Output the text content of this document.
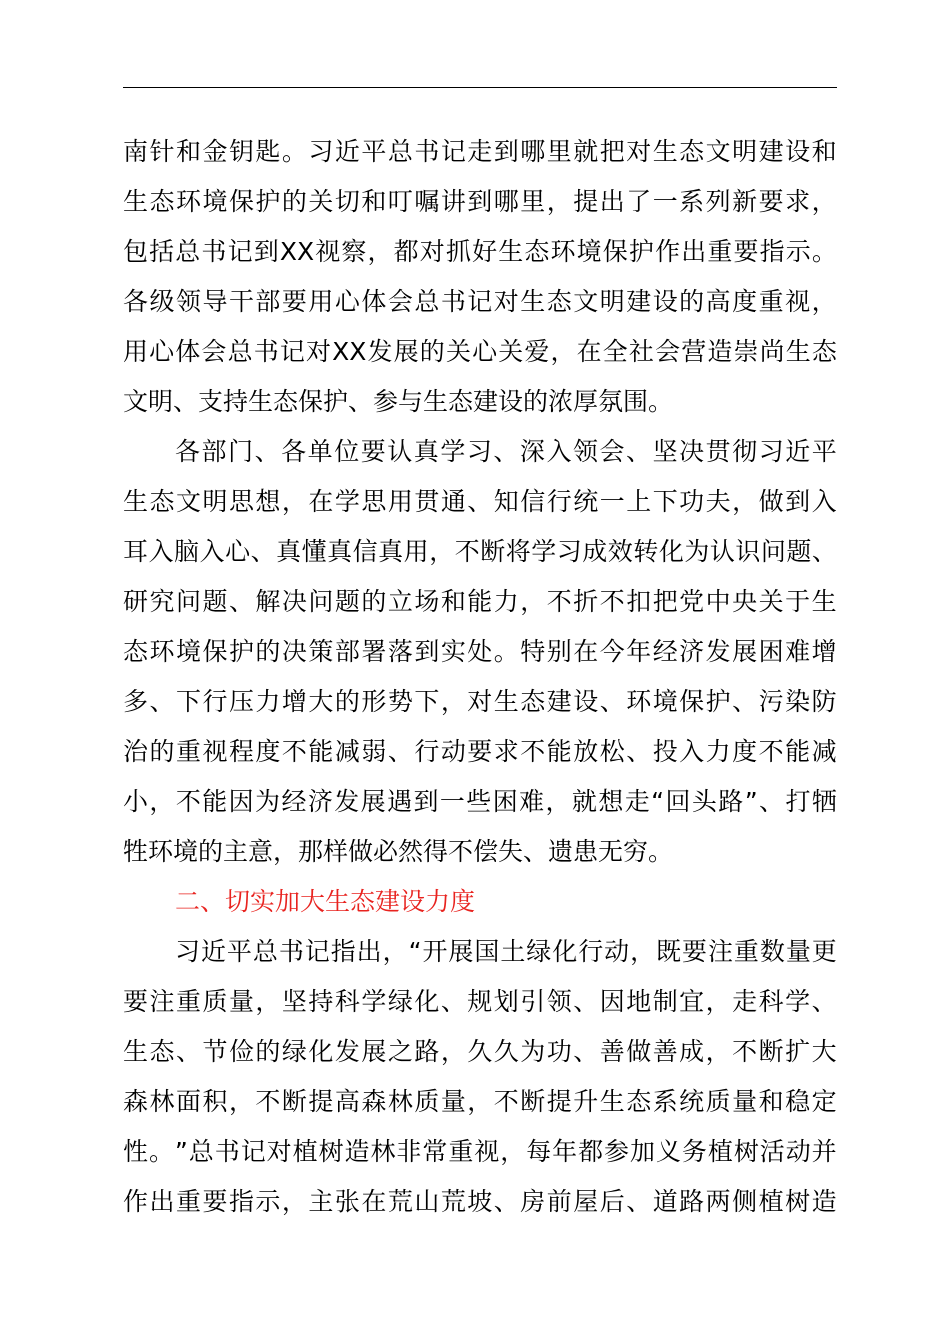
南 针 和 金 钥 匙 。 习 近 平 总 书 记 走 到 哪 里 就 把 对 生 态 文 明 建 设 和
生 态 环 境 保 护 的 关 切 和 叮 嘱 讲 到 哪 里 ， 提 出 了 一 系 列 新 要 求 ，
包 括 总 书 记 到 XX 视 察 ， 都 对 抓 好 生 态 环 境 保 护 作 出 重 要 指 示 。
各 级 领 导 干 部 要 用 心 体 会 总 书 记 对 生 态 文 明 建 设 的 高 度 重 视 ，
用 心 体 会 总 书 记 对 XX 发 展 的 关 心 关 爱 ， 在 全 社 会 营 造 崇 尚 生 态
文明、支持生态保护、参与生态建设的浓厚氛围。
各 部 门 、 各 单 位 要 认 真 学 习 、 深 入 领 会 、 坚 决 贯 彻 习 近 平
生 态 文 明 思 想 ， 在 学 思 用 贯 通 、 知 信 行 统 一 上 下 功 夫 ， 做 到 入
耳 入 脑 入 心 、 真 懂 真 信 真 用 ， 不 断 将 学 习 成 效 转 化 为 认 识 问 题 、
研 究 问 题 、 解 决 问 题 的 立 场 和 能 力 ， 不 折 不 扣 把 党 中 央 关 于 生
态 环 境 保 护 的 决 策 部 署 落 到 实 处 。 特 别 在 今 年 经 济 发 展 困 难 增
多 、 下 行 压 力 增 大 的 形 势 下 ， 对 生 态 建 设 、 环 境 保 护 、 污 染 防
治 的 重 视 程 度 不 能 减 弱 、 行 动 要 求 不 能 放 松 、 投 入 力 度 不 能 减
小 ， 不 能 因 为 经 济 发 展 遇 到 一 些 困 难 ， 就 想 走 “ 回 头 路 ” 、 打 牺
牲环境的主意，那样做必然得不偿失、遗患无穷。
二、切实加大生态建设力度
习 近 平 总 书 记 指 出 ， “ 开 展 国 土 绿 化 行 动 ， 既 要 注 重 数 量 更
要 注 重 质 量 ， 坚 持 科 学 绿 化 、 规 划 引 领 、 因 地 制 宜 ， 走 科 学 、
生 态 、 节 俭 的 绿 化 发 展 之 路 ， 久 久 为 功 、 善 做 善 成 ， 不 断 扩 大
森 林 面 积 ， 不 断 提 高 森 林 质 量 ， 不 断 提 升 生 态 系 统 质 量 和 稳 定
性 。 ” 总 书 记 对 植 树 造 林 非 常 重 视 ， 每 年 都 参 加 义 务 植 树 活 动 并
作 出 重 要 指 示 ， 主 张 在 荒 山 荒 坡 、 房 前 屋 后 、 道 路 两 侧 植 树 造
